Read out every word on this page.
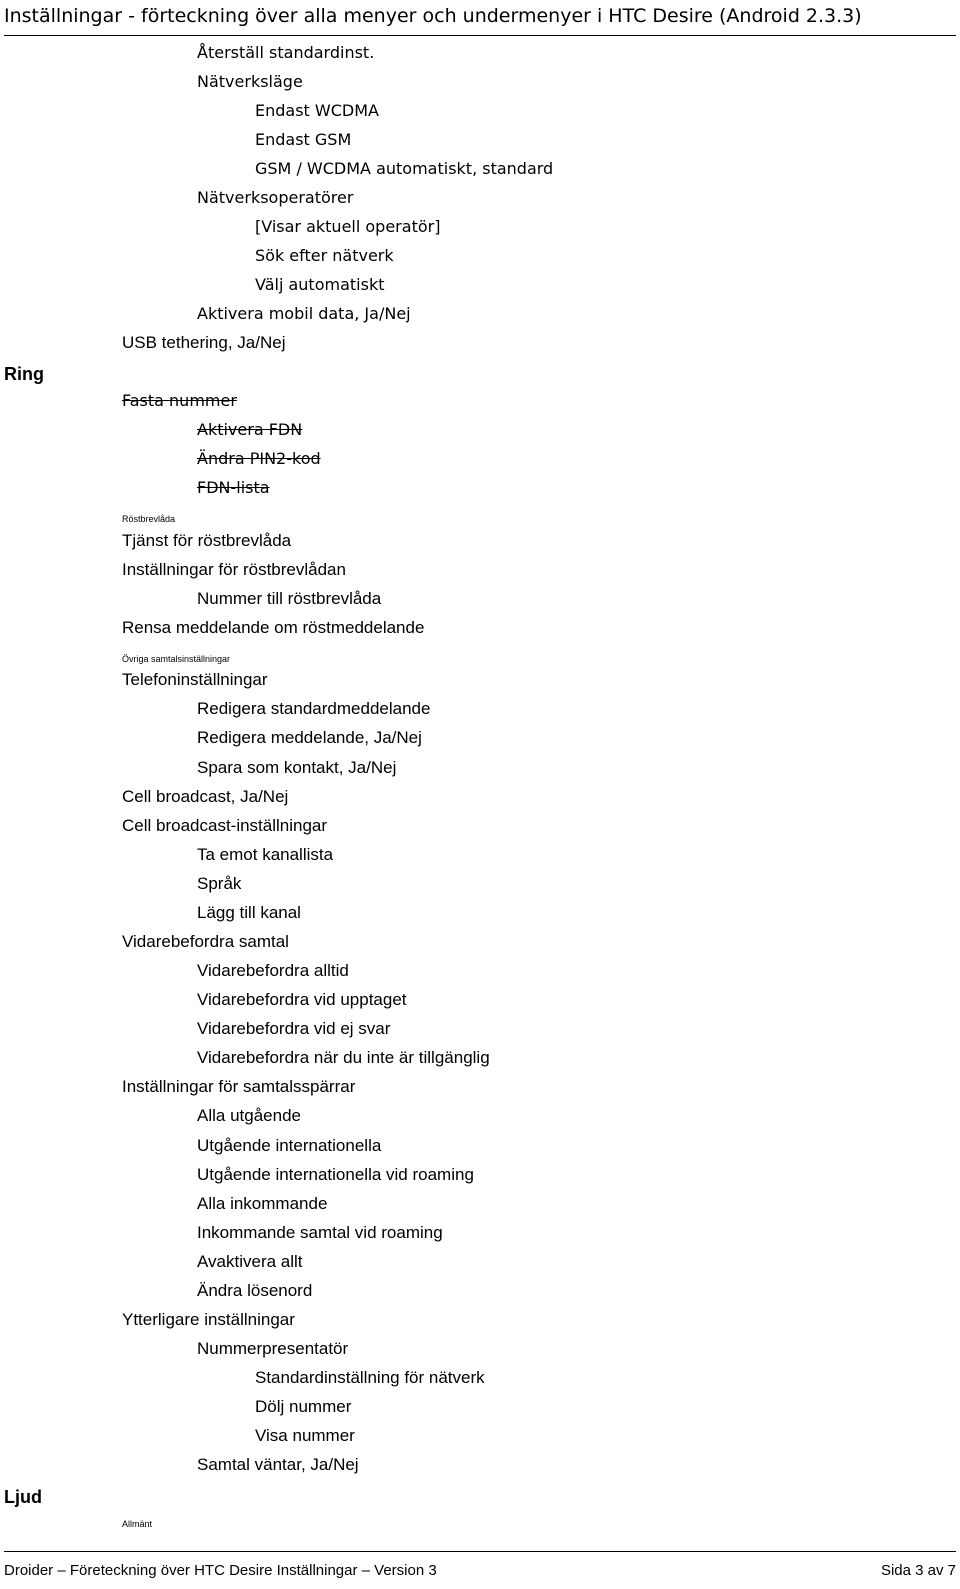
Inställningar - förteckning över alla menyer och undermenyer i HTC Desire (Android 2.3.3)
Ring
Ljud
Återställ standardinst.
Nätverksläge
Endast WCDMA
Endast GSM
GSM / WCDMA automatiskt, standard
Nätverksoperatörer
[Visar aktuell operatör]
Sök efter nätverk
Välj automatiskt
Aktivera mobil data, Ja/Nej
USB tethering, Ja/Nej
Fasta nummer
Aktivera FDN
Ändra PIN2-kod
FDN-lista
Röstbrevlåda
Tjänst för röstbrevlåda
Inställningar för röstbrevlådan
Nummer till röstbrevlåda
Rensa meddelande om röstmeddelande
Övriga samtalsinställningar
Telefoninställningar
Redigera standardmeddelande
Redigera meddelande, Ja/Nej
Spara som kontakt, Ja/Nej
Cell broadcast, Ja/Nej
Cell broadcast-inställningar
Ta emot kanallista
Språk
Lägg till kanal
Vidarebefordra samtal
Vidarebefordra alltid
Vidarebefordra vid upptaget
Vidarebefordra vid ej svar
Vidarebefordra när du inte är tillgänglig
Inställningar för samtalsspärrar
Alla utgående
Utgående internationella
Utgående internationella vid roaming
Alla inkommande
Inkommande samtal vid roaming
Avaktivera allt
Ändra lösenord
Ytterligare inställningar
Nummerpresentatör
Standardinställning för nätverk
Dölj nummer
Visa nummer
Samtal väntar, Ja/Nej
Allmänt
Droider – Företeckning över HTC Desire Inställningar – Version 3	Sida 3 av 7
